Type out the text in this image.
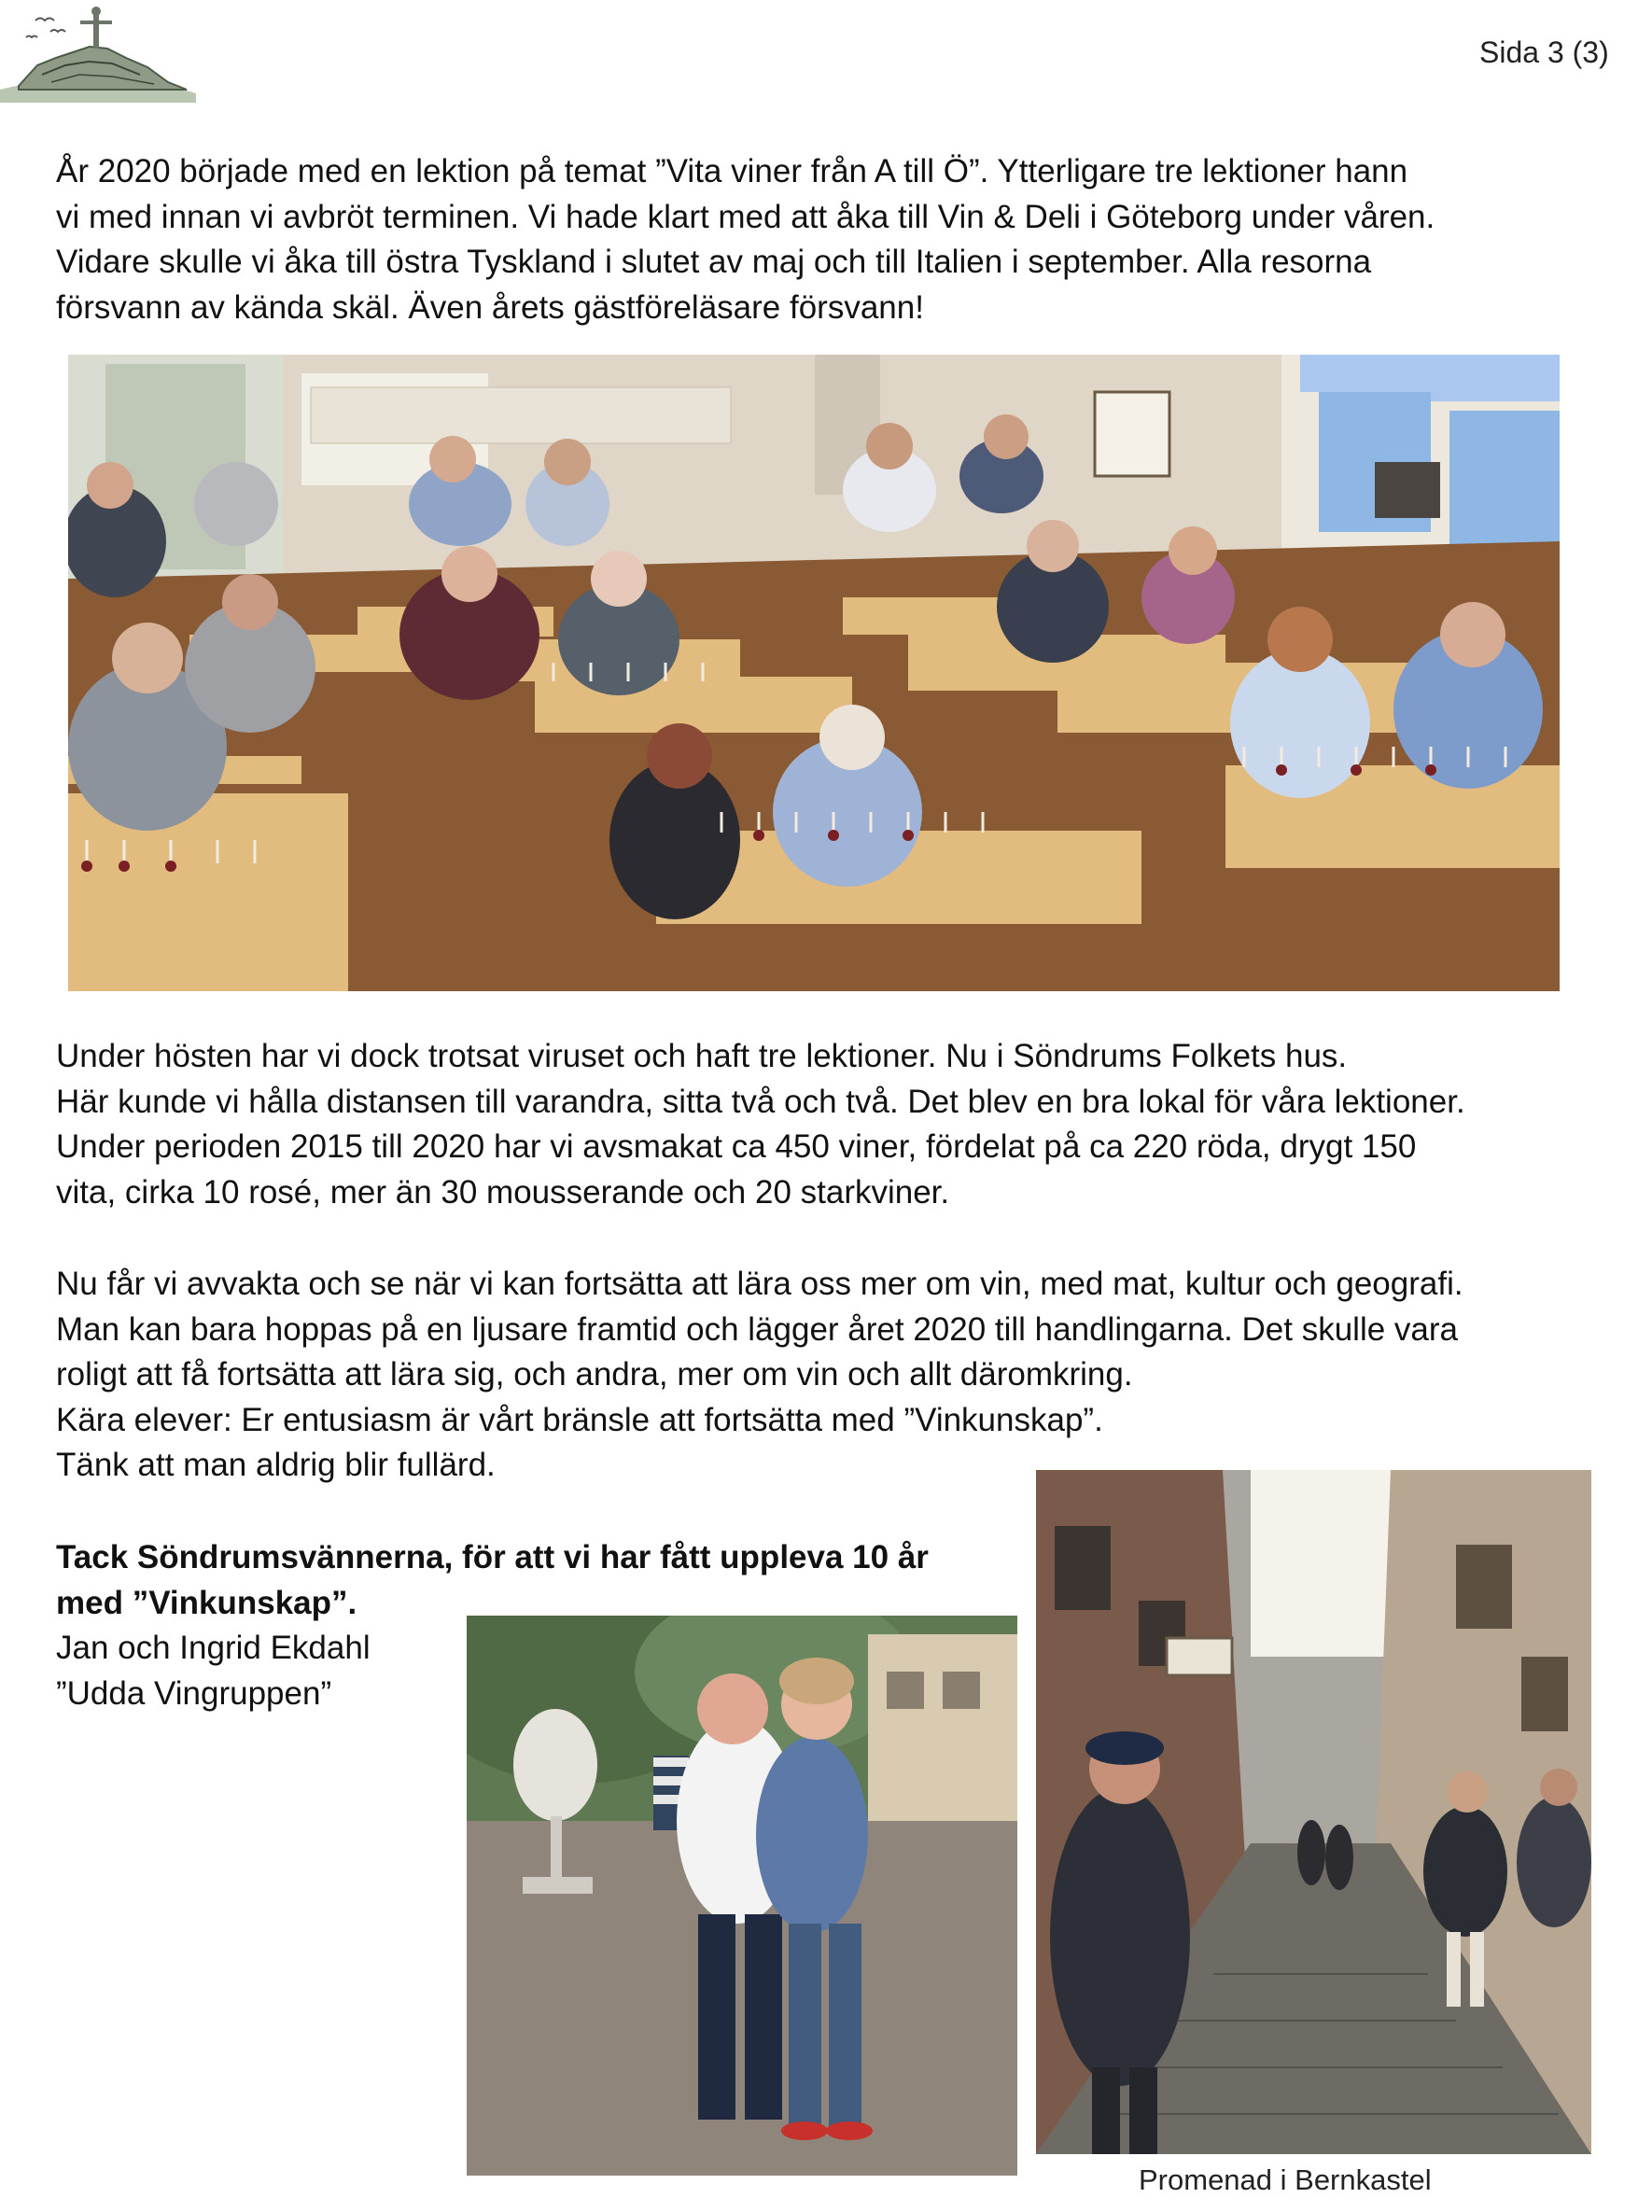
Sida 3 (3)
År 2020 började med en lektion på temat ”Vita viner från A till Ö”. Ytterligare tre lektioner hann
vi med innan vi avbröt terminen. Vi hade klart med att åka till Vin & Deli i Göteborg under våren.
Vidare skulle vi åka till östra Tyskland i slutet av maj och till Italien i september. Alla resorna
försvann av kända skäl. Även årets gästföreläsare försvann!
Under hösten har vi dock trotsat viruset och haft tre lektioner. Nu i Söndrums Folkets hus.
Här kunde vi hålla distansen till varandra, sitta två och två. Det blev en bra lokal för våra lektioner.
Under perioden 2015 till 2020 har vi avsmakat ca 450 viner, fördelat på ca 220 röda, drygt 150
vita, cirka 10 rosé, mer än 30 mousserande och 20 starkviner.
Nu får vi avvakta och se när vi kan fortsätta att lära oss mer om vin, med mat, kultur och geografi.
Man kan bara hoppas på en ljusare framtid och lägger året 2020 till handlingarna. Det skulle vara
roligt att få fortsätta att lära sig, och andra, mer om vin och allt däromkring.
Kära elever: Er entusiasm är vårt bränsle att fortsätta med ”Vinkunskap”.
Tänk att man aldrig blir fullärd.
Tack Söndrumsvännerna, för att vi har fått uppleva 10 år
med ”Vinkunskap”.
Jan och Ingrid Ekdahl
”Udda Vingruppen”
Promenad i Bernkastel
